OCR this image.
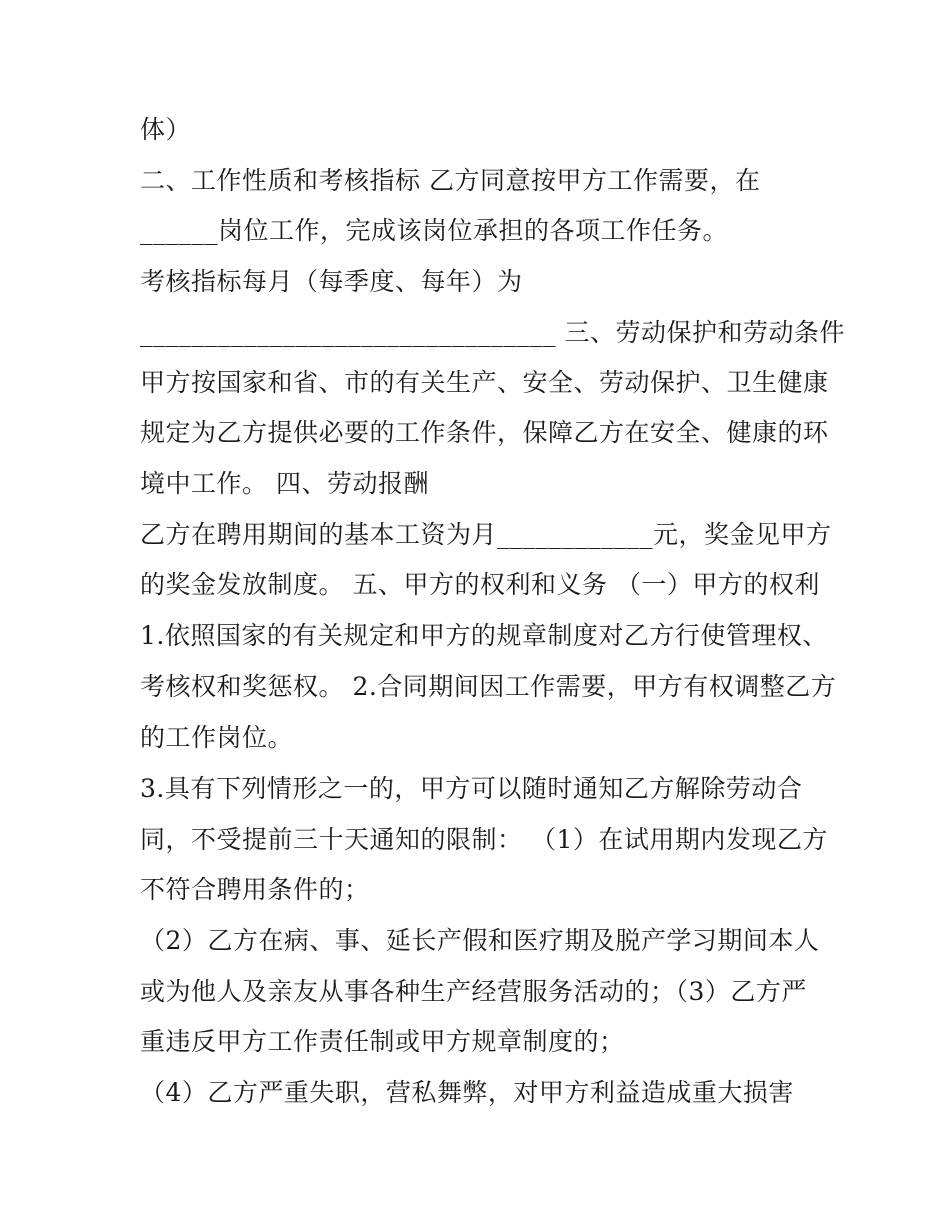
体）
二、工作性质和考核指标 乙方同意按甲方工作需要，在
______岗位工作，完成该岗位承担的各项工作任务。
考核指标每月（每季度、每年）为
________________________________ 三、劳动保护和劳动条件
甲方按国家和省、市的有关生产、安全、劳动保护、卫生健康
规定为乙方提供必要的工作条件，保障乙方在安全、健康的环
境中工作。 四、劳动报酬
乙方在聘用期间的基本工资为月____________元，奖金见甲方
的奖金发放制度。 五、甲方的权利和义务 （一）甲方的权利
1.依照国家的有关规定和甲方的规章制度对乙方行使管理权、
考核权和奖惩权。 2.合同期间因工作需要，甲方有权调整乙方
的工作岗位。
3.具有下列情形之一的，甲方可以随时通知乙方解除劳动合
同，不受提前三十天通知的限制： （1）在试用期内发现乙方
不符合聘用条件的；
（2）乙方在病、事、延长产假和医疗期及脱产学习期间本人
或为他人及亲友从事各种生产经营服务活动的；（3）乙方严
重违反甲方工作责任制或甲方规章制度的；
（4）乙方严重失职，营私舞弊，对甲方利益造成重大损害
